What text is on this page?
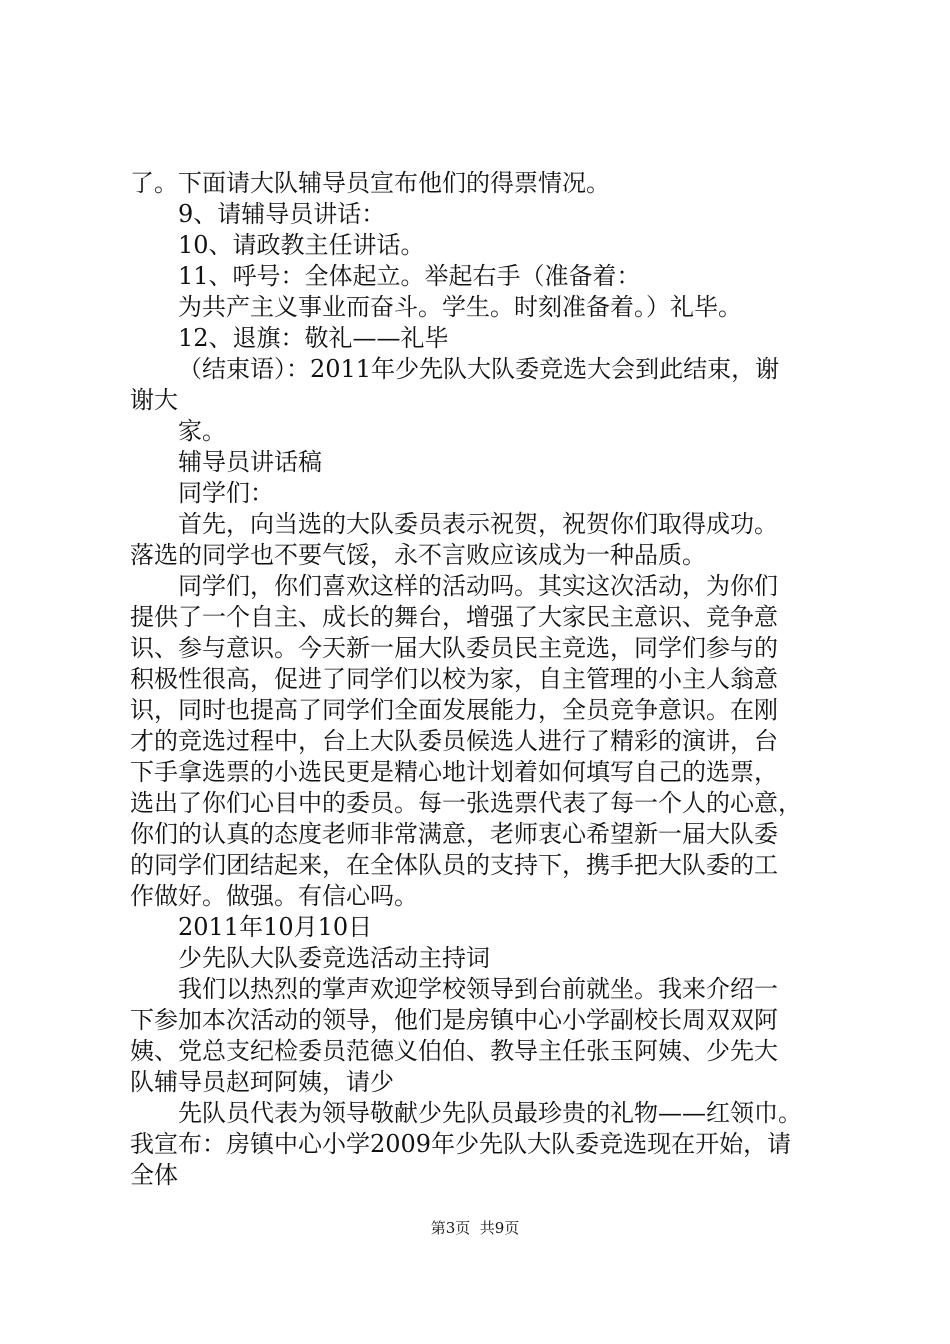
了。下面请大队辅导员宣布他们的得票情况。

9、请辅导员讲话：

10、请政教主任讲话。

11、呼号：全体起立。举起右手（准备着：

为共产主义事业而奋斗。学生。时刻准备着。）礼毕。

12、退旗：敬礼——礼毕

（结束语）：2011年少先队大队委竞选大会到此结束，谢

谢大

家。

辅导员讲话稿

同学们：

首先，向当选的大队委员表示祝贺，祝贺你们取得成功。

落选的同学也不要气馁，永不言败应该成为一种品质。

同学们，你们喜欢这样的活动吗。其实这次活动，为你们

提供了一个自主、成长的舞台，增强了大家民主意识、竞争意

识、参与意识。今天新一届大队委员民主竞选，同学们参与的

积极性很高，促进了同学们以校为家，自主管理的小主人翁意

识，同时也提高了同学们全面发展能力，全员竞争意识。在刚

才的竞选过程中，台上大队委员候选人进行了精彩的演讲，台

下手拿选票的小选民更是精心地计划着如何填写自己的选票，

选出了你们心目中的委员。每一张选票代表了每一个人的心意，

你们的认真的态度老师非常满意，老师衷心希望新一届大队委

的同学们团结起来，在全体队员的支持下，携手把大队委的工

作做好。做强。有信心吗。

2011年10月10日

少先队大队委竞选活动主持词

我们以热烈的掌声欢迎学校领导到台前就坐。我来介绍一

下参加本次活动的领导，他们是房镇中心小学副校长周双双阿

姨、党总支纪检委员范德义伯伯、教导主任张玉阿姨、少先大

队辅导员赵珂阿姨，请少

先队员代表为领导敬献少先队员最珍贵的礼物——红领巾。

我宣布：房镇中心小学2009年少先队大队委竞选现在开始，请

全体

第3页  共9页
